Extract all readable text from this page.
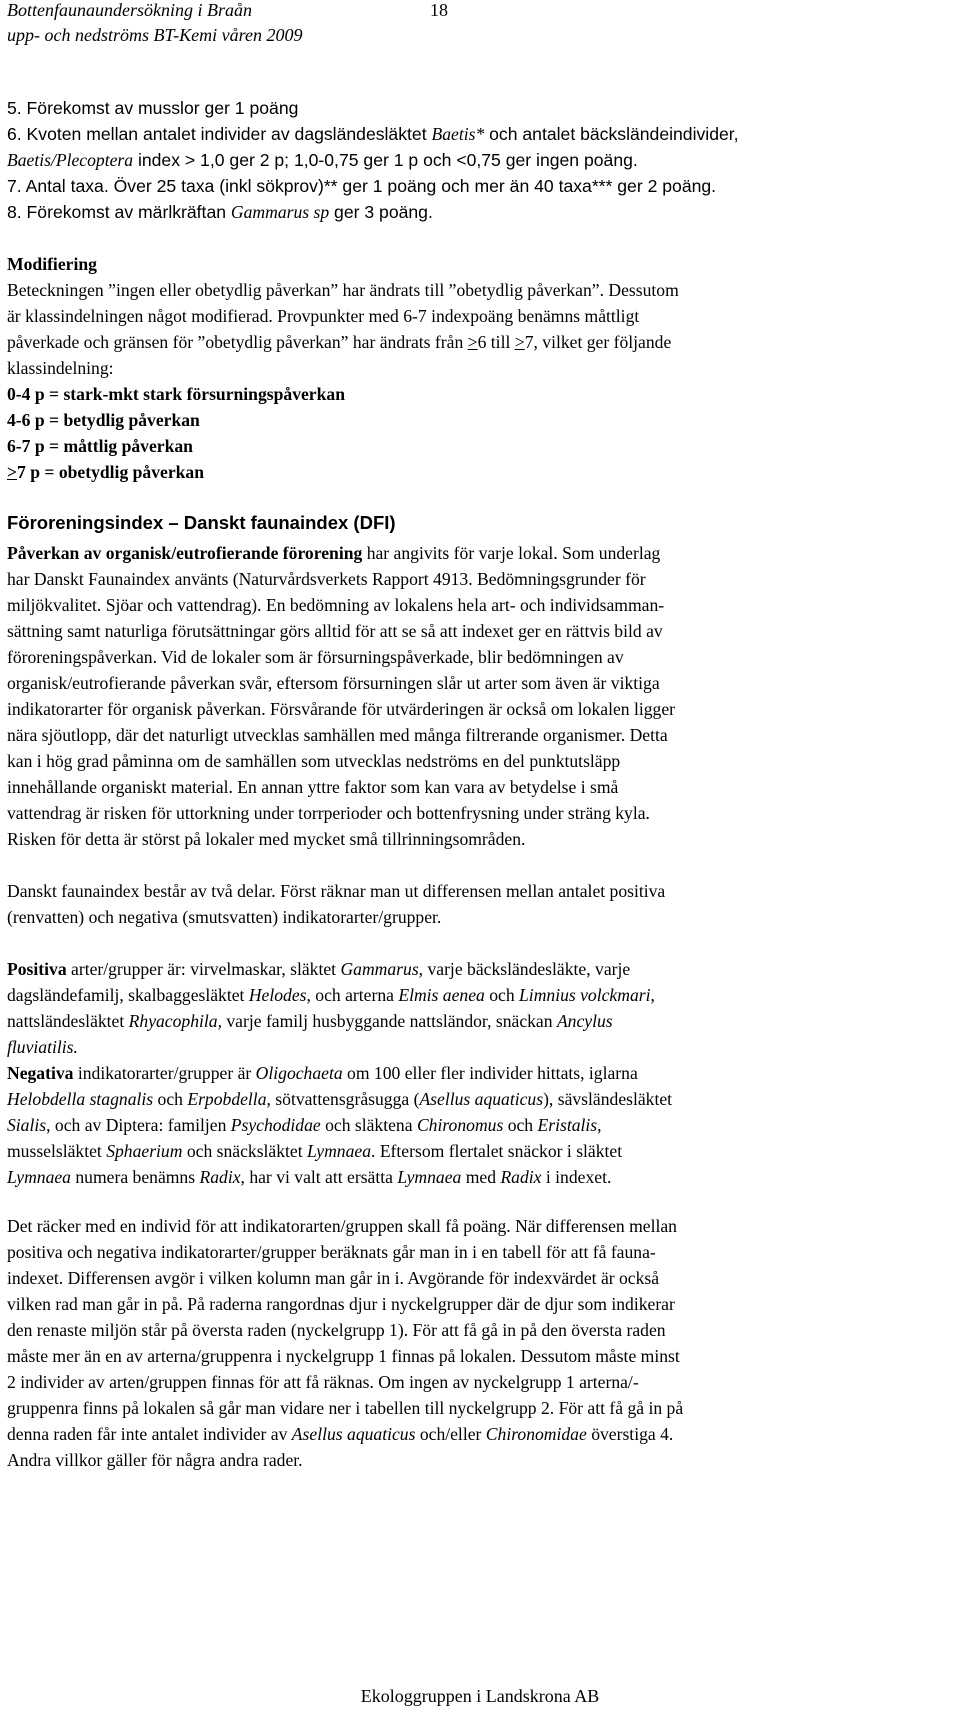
Bottenfaunaundersökning i Braån	18
upp- och nedströms BT-Kemi våren 2009
5. Förekomst av musslor ger 1 poäng
6. Kvoten mellan antalet individer av dagsländesläktet Baetis* och antalet bäcksländeindivider,
Baetis/Plecoptera index > 1,0 ger 2 p; 1,0-0,75 ger 1 p och <0,75 ger ingen poäng.
7. Antal taxa. Över 25 taxa (inkl sökprov)** ger 1 poäng och mer än 40 taxa*** ger 2 poäng.
8. Förekomst av märlkräftan Gammarus sp ger 3 poäng.
Modifiering
Beteckningen ”ingen eller obetydlig påverkan” har ändrats till ”obetydlig påverkan”. Dessutom
är klassindelningen något modifierad. Provpunkter med 6-7 indexpoäng benämns måttligt
påverkade och gränsen för ”obetydlig påverkan” har ändrats från >6 till >7, vilket ger följande
klassindelning:
0-4 p = stark-mkt stark försurningspåverkan
4-6 p = betydlig påverkan
6-7 p = måttlig påverkan
>7 p = obetydlig påverkan
Föroreningsindex – Danskt faunaindex (DFI)
Påverkan av organisk/eutrofierande förorening har angivits för varje lokal. Som underlag
har Danskt Faunaindex använts (Naturvårdsverkets Rapport 4913. Bedömningsgrunder för
miljökvalitet. Sjöar och vattendrag). En bedömning av lokalens hela art- och individsamman-
sättning samt naturliga förutsättningar görs alltid för att se så att indexet ger en rättvis bild av
föroreningspåverkan. Vid de lokaler som är försurningspåverkade, blir bedömningen av
organisk/eutrofierande påverkan svår, eftersom försurningen slår ut arter som även är viktiga
indikatorarter för organisk påverkan. Försvårande för utvärderingen är också om lokalen ligger
nära sjöutlopp, där det naturligt utvecklas samhällen med många filtrerande organismer. Detta
kan i hög grad påminna om de samhällen som utvecklas nedströms en del punktutsläpp
innehållande organiskt material. En annan yttre faktor som kan vara av betydelse i små
vattendrag är risken för uttorkning under torrperioder och bottenfrysning under sträng kyla.
Risken för detta är störst på lokaler med mycket små tillrinningsområden.
Danskt faunaindex består av två delar. Först räknar man ut differensen mellan antalet positiva
(renvatten) och negativa (smutsvatten) indikatorarter/grupper.
Positiva arter/grupper är: virvelmaskar, släktet Gammarus, varje bäcksländesläkte, varje
dagsländefamilj, skalbaggesläktet Helodes, och arterna Elmis aenea och Limnius volckmari,
nattsländesläktet Rhyacophila, varje familj husbyggande nattsländor, snäckan Ancylus
fluviatilis.
Negativa indikatorarter/grupper är Oligochaeta om 100 eller fler individer hittats, iglarna
Helobdella stagnalis och Erpobdella, sötvattensgråsugga (Asellus aquaticus), sävsländesläktet
Sialis, och av Diptera: familjen Psychodidae och släktena Chironomus och Eristalis,
musselsläktet Sphaerium och snäcksläktet Lymnaea. Eftersom flertalet snäckor i släktet
Lymnaea numera benämns Radix, har vi valt att ersätta Lymnaea med Radix i indexet.
Det räcker med en individ för att indikatorarten/gruppen skall få poäng. När differensen mellan
positiva och negativa indikatorarter/grupper beräknats går man in i en tabell för att få fauna-
indexet. Differensen avgör i vilken kolumn man går in i. Avgörande för indexvärdet är också
vilken rad man går in på. På raderna rangordnas djur i nyckelgrupper där de djur som indikerar
den renaste miljön står på översta raden (nyckelgrupp 1). För att få gå in på den översta raden
måste mer än en av arterna/gruppenra i nyckelgrupp 1 finnas på lokalen. Dessutom måste minst
2 individer av arten/gruppen finnas för att få räknas. Om ingen av nyckelgrupp 1 arterna/-
gruppenra finns på lokalen så går man vidare ner i tabellen till nyckelgrupp 2. För att få gå in på
denna raden får inte antalet individer av Asellus aquaticus och/eller Chironomidae överstiga 4.
Andra villkor gäller för några andra rader.
Ekologgruppen i Landskrona AB
